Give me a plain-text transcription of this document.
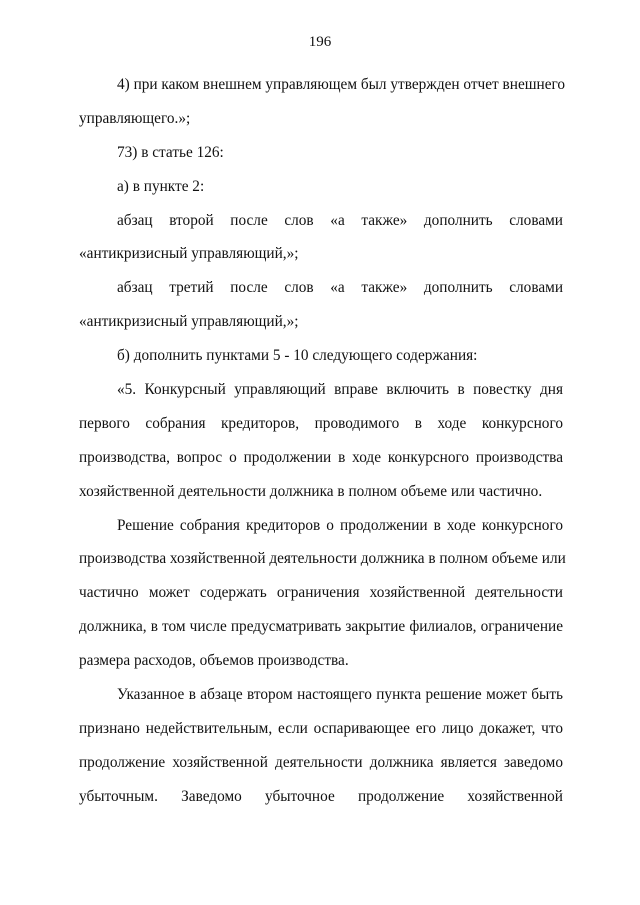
196
4) при каком внешнем управляющем был утвержден отчет внешнего
управляющего.»;
73) в статье 126:
а) в пункте 2:
абзац второй после слов «а также» дополнить словами
«антикризисный управляющий,»;
абзац третий после слов «а также» дополнить словами
«антикризисный управляющий,»;
б) дополнить пунктами 5 - 10 следующего содержания:
«5. Конкурсный управляющий вправе включить в повестку дня
первого собрания кредиторов, проводимого в ходе конкурсного
производства, вопрос о продолжении в ходе конкурсного производства
хозяйственной деятельности должника в полном объеме или частично.
Решение собрания кредиторов о продолжении в ходе конкурсного
производства хозяйственной деятельности должника в полном объеме или
частично может содержать ограничения хозяйственной деятельности
должника, в том числе предусматривать закрытие филиалов, ограничение
размера расходов, объемов производства.
Указанное в абзаце втором настоящего пункта решение может быть
признано недействительным, если оспаривающее его лицо докажет, что
продолжение хозяйственной деятельности должника является заведомо
убыточным. Заведомо убыточное продолжение хозяйственной
